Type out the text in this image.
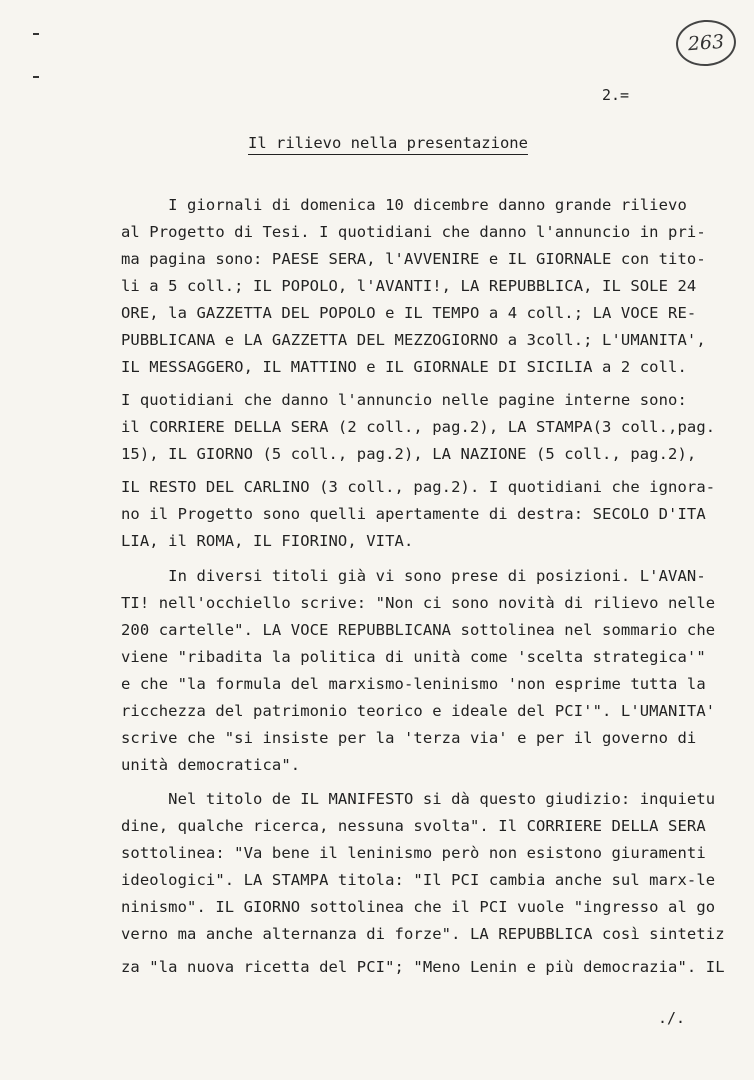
263
2.=
Il rilievo nella presentazione
I giornali di domenica 10 dicembre danno grande rilievo
al Progetto di Tesi. I quotidiani che danno l'annuncio in pri-
ma pagina sono: PAESE SERA, l'AVVENIRE e IL GIORNALE con tito-
li a 5 coll.; IL POPOLO, l'AVANTI!, LA REPUBBLICA, IL SOLE 24
ORE, la GAZZETTA DEL POPOLO e IL TEMPO a 4 coll.; LA VOCE RE-
PUBBLICANA e LA GAZZETTA DEL MEZZOGIORNO a 3coll.; L'UMANITA',
IL MESSAGGERO, IL MATTINO e IL GIORNALE DI SICILIA a 2 coll.
I quotidiani che danno l'annuncio nelle pagine interne sono:
il CORRIERE DELLA SERA (2 coll., pag.2), LA STAMPA(3 coll.,pag.
15), IL GIORNO (5 coll., pag.2), LA NAZIONE (5 coll., pag.2),
IL RESTO DEL CARLINO (3 coll., pag.2). I quotidiani che ignora-
no il Progetto sono quelli apertamente di destra: SECOLO D'ITA
LIA, il ROMA, IL FIORINO, VITA.
In diversi titoli già vi sono prese di posizioni. L'AVAN-
TI! nell'occhiello scrive: "Non ci sono novità di rilievo nelle
200 cartelle". LA VOCE REPUBBLICANA sottolinea nel sommario che
viene "ribadita la politica di unità come 'scelta strategica'"
e che "la formula del marxismo-leninismo 'non esprime tutta la
ricchezza del patrimonio teorico e ideale del PCI'". L'UMANITA'
scrive che "si insiste per la 'terza via' e per il governo di
unità democratica".
Nel titolo de IL MANIFESTO si dà questo giudizio: inquietu
dine, qualche ricerca, nessuna svolta". Il CORRIERE DELLA SERA
sottolinea: "Va bene il leninismo però non esistono giuramenti
ideologici". LA STAMPA titola: "Il PCI cambia anche sul marx-le
ninismo". IL GIORNO sottolinea che il PCI vuole "ingresso al go
verno ma anche alternanza di forze". LA REPUBBLICA così sintetiz
za "la nuova ricetta del PCI"; "Meno Lenin e più democrazia". IL
./.
